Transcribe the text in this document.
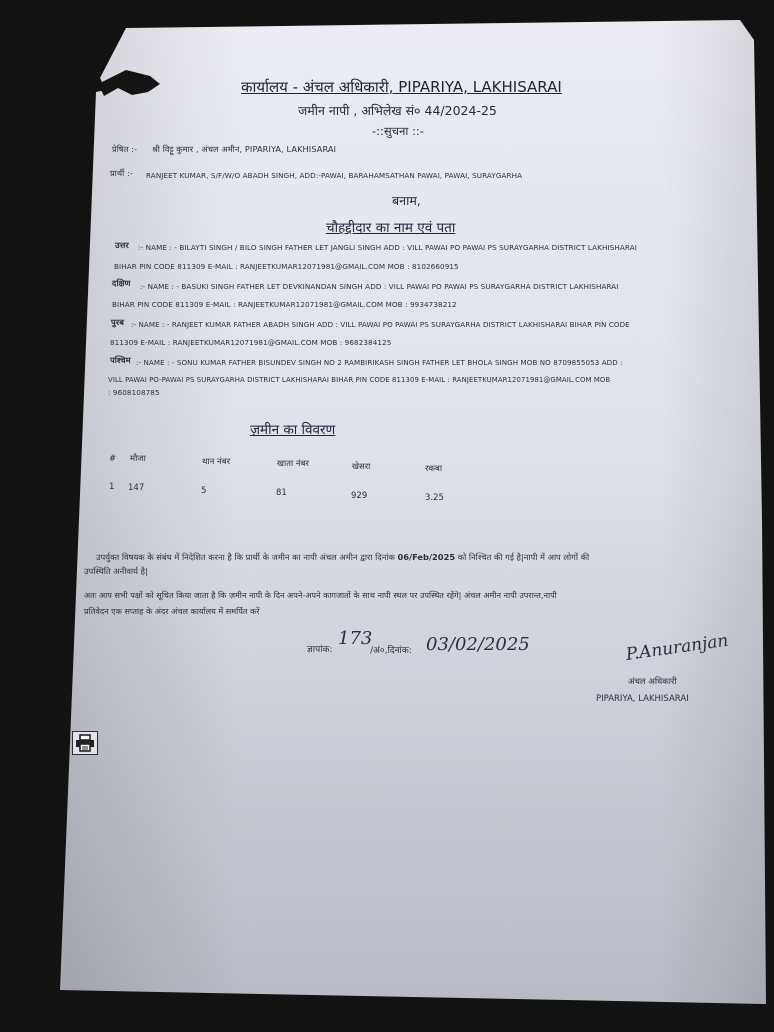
कार्यालय - अंचल अधिकारी, PIPARIYA, LAKHISARAI
जमीन नापी , अभिलेख सं० 44/2024-25
-::सुचना ::-
प्रेषित :- श्री विट्टू कुमार , अंचल अमीन, PIPARIYA, LAKHISARAI
प्रार्थी :- RANJEET KUMAR, S/F/W/O ABADH SINGH, ADD:-PAWAI, BARAHAMSATHAN PAWAI, PAWAI, SURAYGARHA
बनाम,
चौहद्दीदार का नाम एवं पता
उत्तर :- NAME : - BILAYTI SINGH / BILO SINGH FATHER LET JANGLI SINGH ADD : VILL PAWAI PO PAWAI PS SURAYGARHA DISTRICT LAKHISHARAI
BIHAR PIN CODE 811309 E-MAIL : RANJEETKUMAR12071981@GMAIL.COM MOB : 8102660915
दक्षिण :- NAME : - BASUKI SINGH FATHER LET DEVKINANDAN SINGH ADD : VILL PAWAI PO PAWAI PS SURAYGARHA DISTRICT LAKHISHARAI
BIHAR PIN CODE 811309 E-MAIL : RANJEETKUMAR12071981@GMAIL.COM MOB : 9934738212
पुरब :- NAME : - RANJEET KUMAR FATHER ABADH SINGH ADD : VILL PAWAI PO PAWAI PS SURAYGARHA DISTRICT LAKHISHARAI BIHAR PIN CODE
811309 E-MAIL : RANJEETKUMAR12071981@GMAIL.COM MOB : 9682384125
पश्चिम :- NAME : - SONU KUMAR FATHER BISUNDEV SINGH NO 2 RAMBIRIKASH SINGH FATHER LET BHOLA SINGH MOB NO 8709855053 ADD :
VILL PAWAI PO-PAWAI PS SURAYGARHA DISTRICT LAKHISHARAI BIHAR PIN CODE 811309 E-MAIL : RANJEETKUMAR12071981@GMAIL.COM MOB
: 9608108785
ज़मीन का विवरण
# मौजा	थान नंबर	खाता नंबर	खेसरा	रकबा
1 147	5	81	929	3.25
उपर्युक्त विषयक के संबंध में निदेशित करना है कि प्रार्थी के जमीन का नापी अंचल अमीन द्वारा दिनांक 06/Feb/2025 को निश्चित की गई है|नापी में आप लोगों की
उपस्थिति अनीवार्य है|
अतः आप सभी पक्षों को सूचित किया जाता है कि ज़मीन नापी के दिन अपने-अपने कागजातों के साथ नापी स्थल पर उपस्थित रहेंगे| अंचल अमीन नापी उपरान्त,नापी
प्रतिवेदन एक सप्ताह के अंदर अंचल कार्यालय में समर्पित करें
ज्ञापांक:
173
/अं०,दिनांक: 03/02/2025	P.Anuranjan
अंचल अधिकारी
PIPARIYA, LAKHISARAI
